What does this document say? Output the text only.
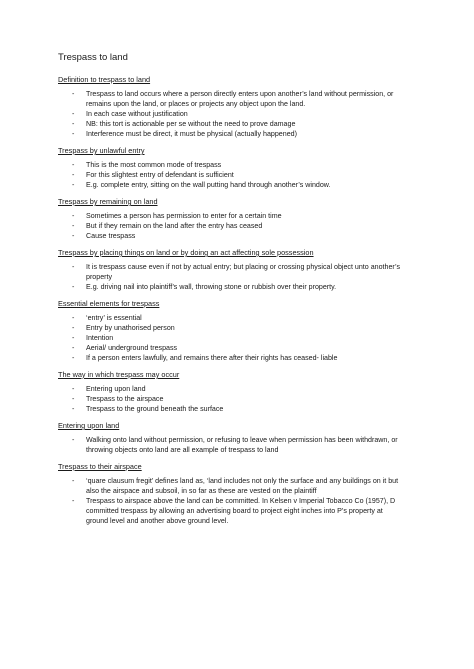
Trespass to land
Definition to trespass to land
- Trespass to land occurs where a person directly enters upon another’s land without permission, or remains upon the land, or places or projects any object upon the land.
- In each case without justification
- NB: this tort is actionable per se without the need to prove damage
- Interference must be direct, it must be physical (actually happened)
Trespass by unlawful entry
- This is the most common mode of trespass
- For this slightest entry of defendant is sufficient
- E.g. complete entry, sitting on the wall putting hand through another’s window.
Trespass by remaining on land
- Sometimes a person has permission to enter for a certain time
- But if they remain on the land after the entry has ceased
- Cause trespass
Trespass by placing things on land or by doing an act affecting sole possession
- It is trespass cause even if not by actual entry; but placing or crossing physical object unto another’s property
- E.g. driving nail into plaintiff’s wall, throwing stone or rubbish over their property.
Essential elements for trespass
- ‘entry’ is essential
- Entry by unathorised person
- Intention
- Aerial/ underground trespass
- If a person enters lawfully, and remains there after their rights has ceased- liable
The way in which trespass may occur
- Entering upon land
- Trespass to the airspace
- Trespass to the ground beneath the surface
Entering upon land
- Walking onto land without permission, or refusing to leave when permission has been withdrawn, or throwing objects onto land are all example of trespass to land
Trespass to their airspace
- ‘quare clausum fregit’ defines land as, ‘land includes not only the surface and any buildings on it but also the airspace and subsoil, in so far as these are vested on the plaintiff
- Trespass to airspace above the land can be committed. In Kelsen v Imperial Tobacco Co (1957), D committed trespass by allowing an advertising board to project eight inches into P’s property at ground level and another above ground level.
